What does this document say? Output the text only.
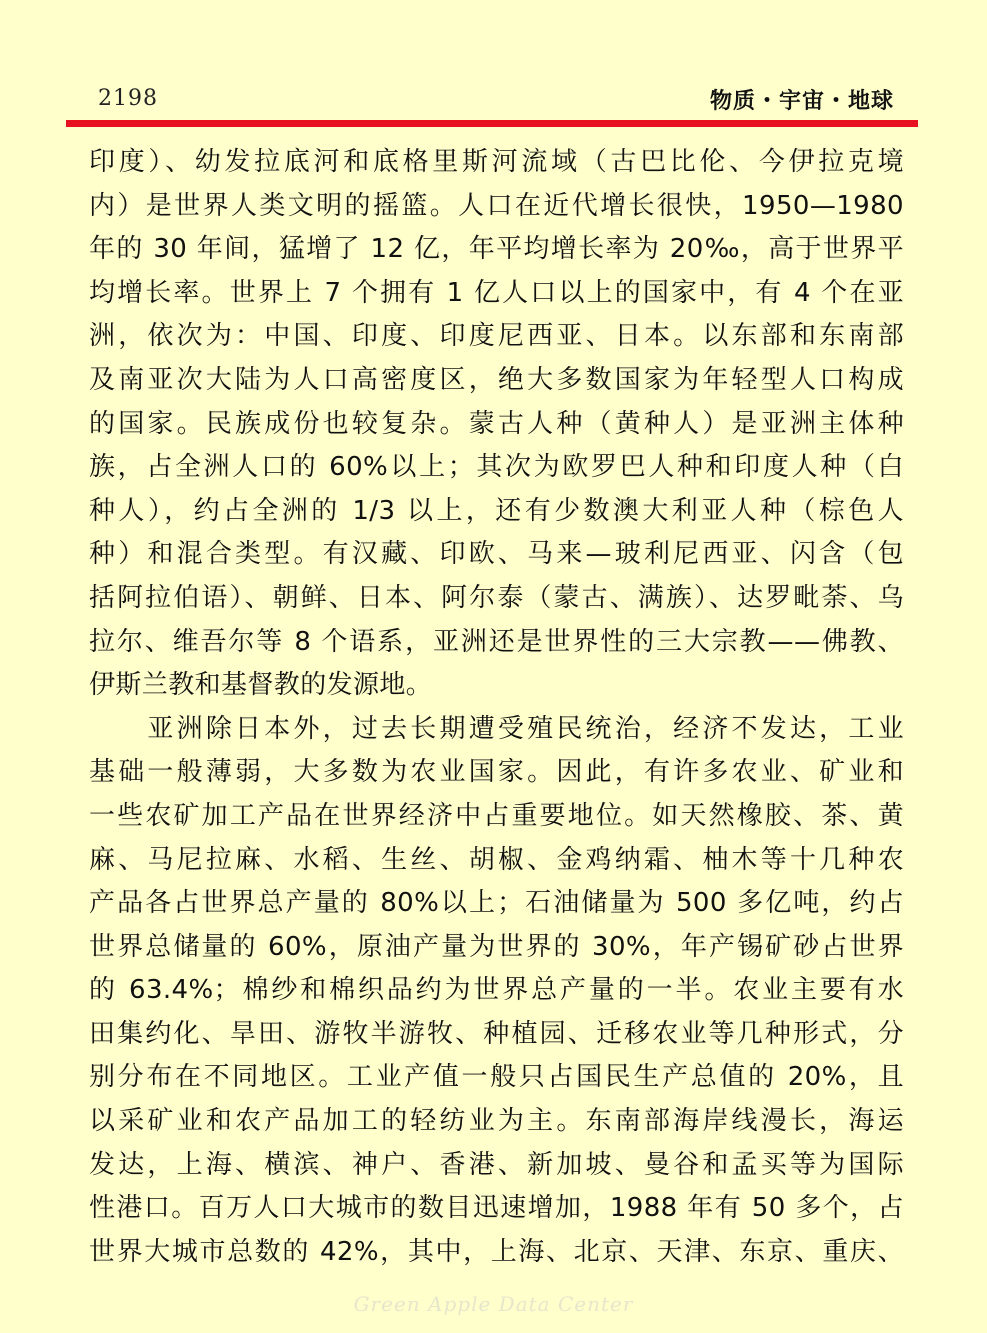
2198	物质・宇宙・地球
印度）、幼发拉底河和底格里斯河流域（古巴比伦、今伊拉克境
内）是世界人类文明的摇篮。人口在近代增长很快，1950—1980
年的 30 年间，猛增了 12 亿，年平均增长率为 20‰，高于世界平
均增长率。世界上 7 个拥有 1 亿人口以上的国家中，有 4 个在亚
洲，依次为：中国、印度、印度尼西亚、日本。以东部和东南部
及南亚次大陆为人口高密度区，绝大多数国家为年轻型人口构成
的国家。民族成份也较复杂。蒙古人种（黄种人）是亚洲主体种
族，占全洲人口的 60%以上；其次为欧罗巴人种和印度人种（白
种人），约占全洲的 1/3 以上，还有少数澳大利亚人种（棕色人
种）和混合类型。有汉藏、印欧、马来—玻利尼西亚、闪含（包
括阿拉伯语）、朝鲜、日本、阿尔泰（蒙古、满族）、达罗毗荼、乌
拉尔、维吾尔等 8 个语系，亚洲还是世界性的三大宗教——佛教、
伊斯兰教和基督教的发源地。
　　亚洲除日本外，过去长期遭受殖民统治，经济不发达，工业
基础一般薄弱，大多数为农业国家。因此，有许多农业、矿业和
一些农矿加工产品在世界经济中占重要地位。如天然橡胶、茶、黄
麻、马尼拉麻、水稻、生丝、胡椒、金鸡纳霜、柚木等十几种农
产品各占世界总产量的 80%以上；石油储量为 500 多亿吨，约占
世界总储量的 60%，原油产量为世界的 30%，年产锡矿砂占世界
的 63.4%；棉纱和棉织品约为世界总产量的一半。农业主要有水
田集约化、旱田、游牧半游牧、种植园、迁移农业等几种形式，分
别分布在不同地区。工业产值一般只占国民生产总值的 20%，且
以采矿业和农产品加工的轻纺业为主。东南部海岸线漫长，海运
发达，上海、横滨、神户、香港、新加坡、曼谷和孟买等为国际
性港口。百万人口大城市的数目迅速增加，1988 年有 50 多个，占
世界大城市总数的 42%，其中，上海、北京、天津、东京、重庆、
Green Apple Data Center
